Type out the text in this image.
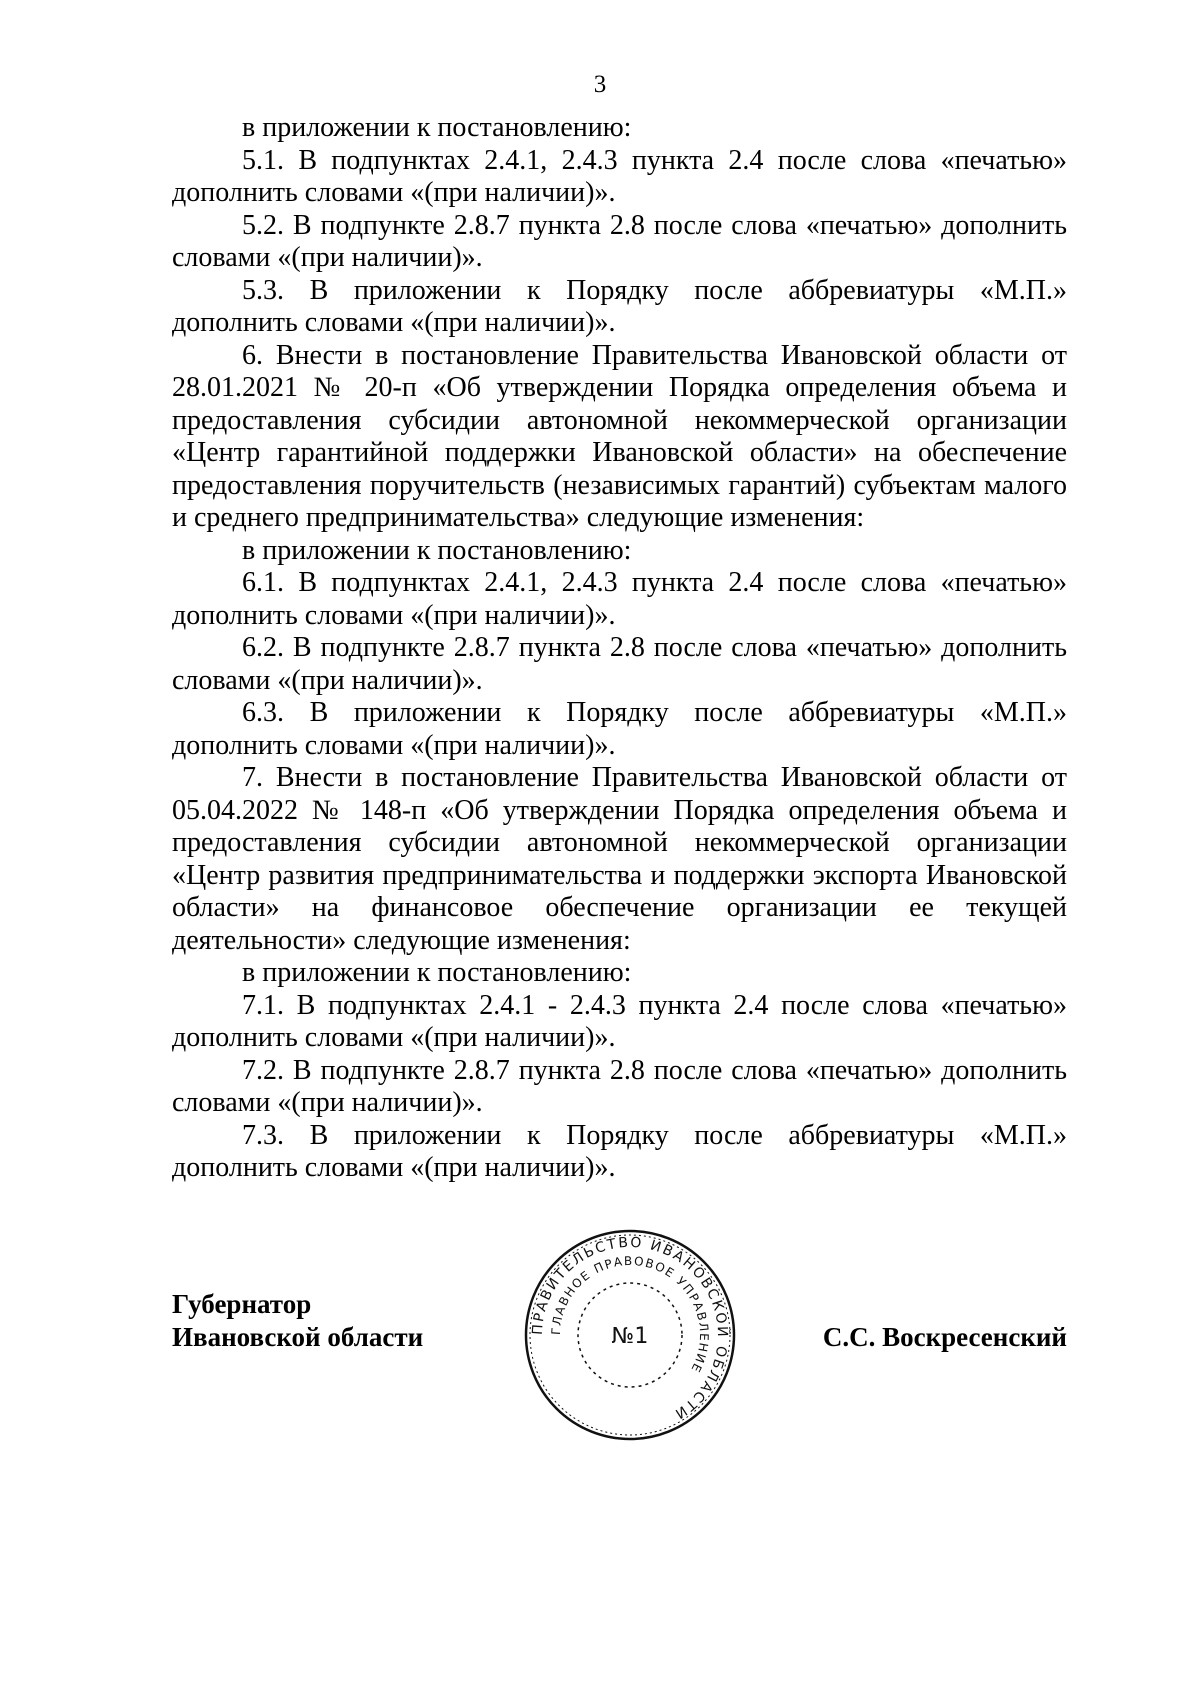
3

в приложении к постановлению:

5.1. В подпунктах 2.4.1, 2.4.3 пункта 2.4 после слова «печатью» дополнить словами «(при наличии)».

5.2. В подпункте 2.8.7 пункта 2.8 после слова «печатью» дополнить словами «(при наличии)».

5.3. В приложении к Порядку после аббревиатуры «М.П.» дополнить словами «(при наличии)».

6. Внести в постановление Правительства Ивановской области от 28.01.2021 № 20-п «Об утверждении Порядка определения объема и предоставления субсидии автономной некоммерческой организации «Центр гарантийной поддержки Ивановской области» на обеспечение предоставления поручительств (независимых гарантий) субъектам малого и среднего предпринимательства» следующие изменения:

в приложении к постановлению:

6.1. В подпунктах 2.4.1, 2.4.3 пункта 2.4 после слова «печатью» дополнить словами «(при наличии)».

6.2. В подпункте 2.8.7 пункта 2.8 после слова «печатью» дополнить словами «(при наличии)».

6.3. В приложении к Порядку после аббревиатуры «М.П.» дополнить словами «(при наличии)».

7. Внести в постановление Правительства Ивановской области от 05.04.2022 № 148-п «Об утверждении Порядка определения объема и предоставления субсидии автономной некоммерческой организации «Центр развития предпринимательства и поддержки экспорта Ивановской области» на финансовое обеспечение организации ее текущей деятельности» следующие изменения:

в приложении к постановлению:

7.1. В подпунктах 2.4.1 - 2.4.3 пункта 2.4 после слова «печатью» дополнить словами «(при наличии)».

7.2. В подпункте 2.8.7 пункта 2.8 после слова «печатью» дополнить словами «(при наличии)».

7.3. В приложении к Порядку после аббревиатуры «М.П.» дополнить словами «(при наличии)».

Губернатор
Ивановской области	С.С. Воскресенский
ПРАВИТЕЛЬСТВО ИВАНОВСКОЙ ОБЛАСТИ
ГЛАВНОЕ ПРАВОВОЕ УПРАВЛЕНИЕ
№1
